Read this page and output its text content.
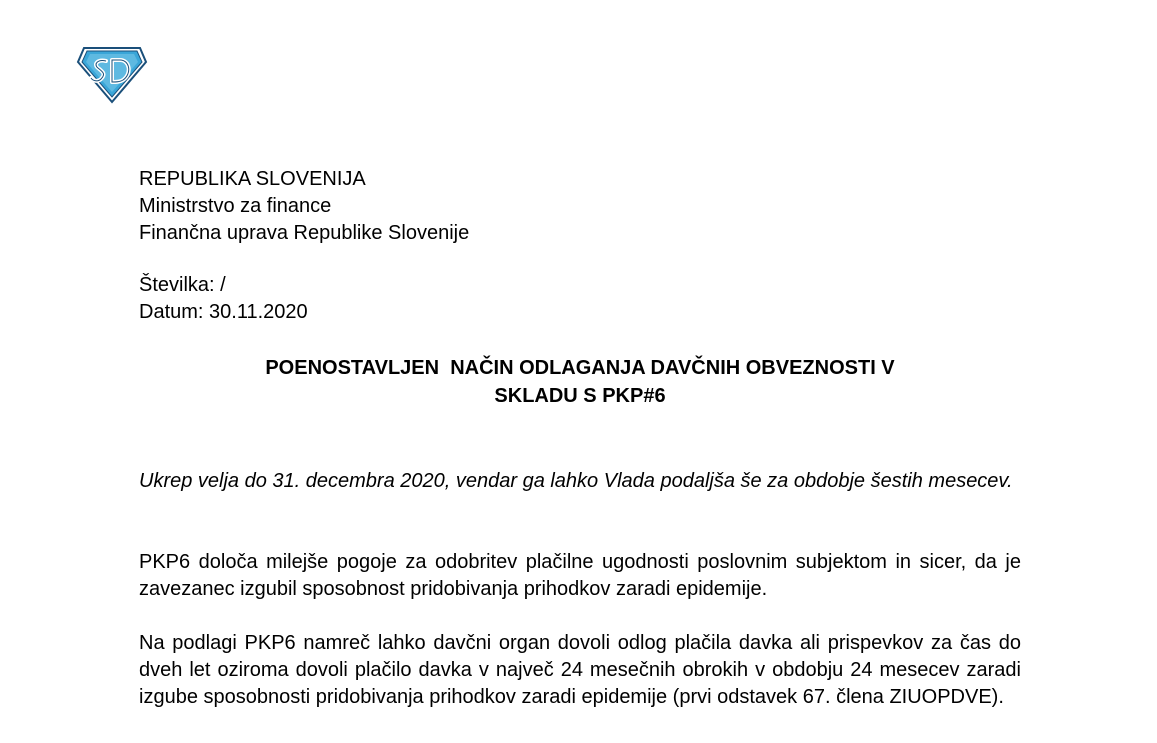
REPUBLIKA SLOVENIJA
Ministrstvo za finance
Finančna uprava Republike Slovenije
Številka: /
Datum: 30.11.2020
POENOSTAVLJEN  NAČIN ODLAGANJA DAVČNIH OBVEZNOSTI V
SKLADU S PKP#6
Ukrep velja do 31. decembra 2020, vendar ga lahko Vlada podaljša še za obdobje šestih mesecev.
PKP6 določa milejše pogoje za odobritev plačilne ugodnosti poslovnim subjektom in sicer, da je zavezanec izgubil sposobnost pridobivanja prihodkov zaradi epidemije.
Na podlagi PKP6 namreč lahko davčni organ dovoli odlog plačila davka ali prispevkov za čas do dveh let oziroma dovoli plačilo davka v največ 24 mesečnih obrokih v obdobju 24 mesecev zaradi izgube sposobnosti pridobivanja prihodkov zaradi epidemije (prvi odstavek 67. člena ZIUOPDVE).
